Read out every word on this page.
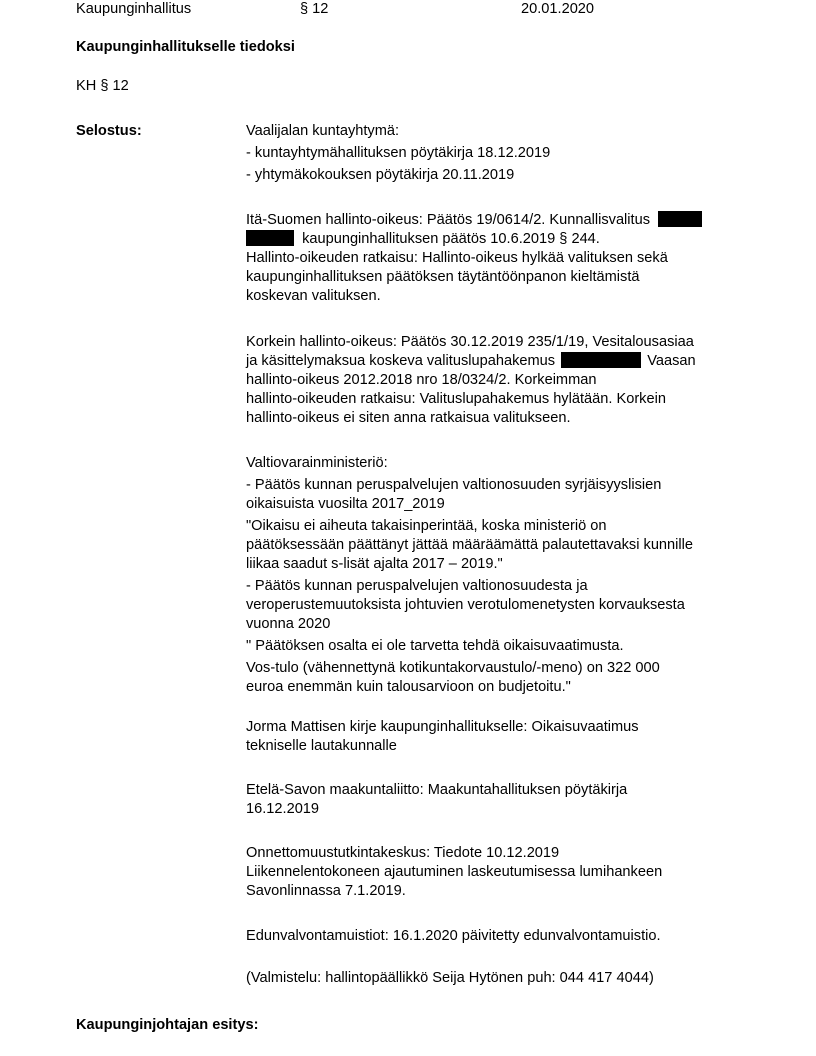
Kaupunginhallitus	§ 12	20.01.2020
Kaupunginhallitukselle tiedoksi
KH § 12
Selostus:	Vaalijalan kuntayhtymä:
- kuntayhtymähallituksen pöytäkirja 18.12.2019
- yhtymäkokouksen pöytäkirja 20.11.2019
Itä-Suomen hallinto-oikeus: Päätös 19/0614/2. Kunnallisvalitus
kaupunginhallituksen päätös 10.6.2019 § 244.
Hallinto-oikeuden ratkaisu: Hallinto-oikeus hylkää valituksen sekä
kaupunginhallituksen päätöksen täytäntöönpanon kieltämistä
koskevan valituksen.
Korkein hallinto-oikeus: Päätös 30.12.2019 235/1/19, Vesitalousasiaa
ja käsittelymaksua koskeva valituslupahakemus	Vaasan
hallinto-oikeus 2012.2018 nro 18/0324/2. Korkeimman
hallinto-oikeuden ratkaisu: Valituslupahakemus hylätään. Korkein
hallinto-oikeus ei siten anna ratkaisua valitukseen.
Valtiovarainministeriö:
- Päätös kunnan peruspalvelujen valtionosuuden syrjäisyyslisien
oikaisuista vuosilta 2017_2019
"Oikaisu ei aiheuta takaisinperintää, koska ministeriö on
päätöksessään päättänyt jättää määräämättä palautettavaksi kunnille
liikaa saadut s-lisät ajalta 2017 – 2019."
- Päätös kunnan peruspalvelujen valtionosuudesta ja
veroperustemuutoksista johtuvien verotulomenetysten korvauksesta
vuonna 2020
" Päätöksen osalta ei ole tarvetta tehdä oikaisuvaatimusta.
Vos-tulo (vähennettynä kotikuntakorvaustulo/-meno) on 322 000
euroa enemmän kuin talousarvioon on budjetoitu."
Jorma Mattisen kirje kaupunginhallitukselle: Oikaisuvaatimus
tekniselle lautakunnalle
Etelä-Savon maakuntaliitto: Maakuntahallituksen pöytäkirja
16.12.2019
Onnettomuustutkintakeskus: Tiedote 10.12.2019
Liikennelentokoneen ajautuminen laskeutumisessa lumihankeen
Savonlinnassa 7.1.2019.
Edunvalvontamuistiot: 16.1.2020 päivitetty edunvalvontamuistio.
(Valmistelu: hallintopäällikkö Seija Hytönen puh: 044 417 4044)
Kaupunginjohtajan esitys:
